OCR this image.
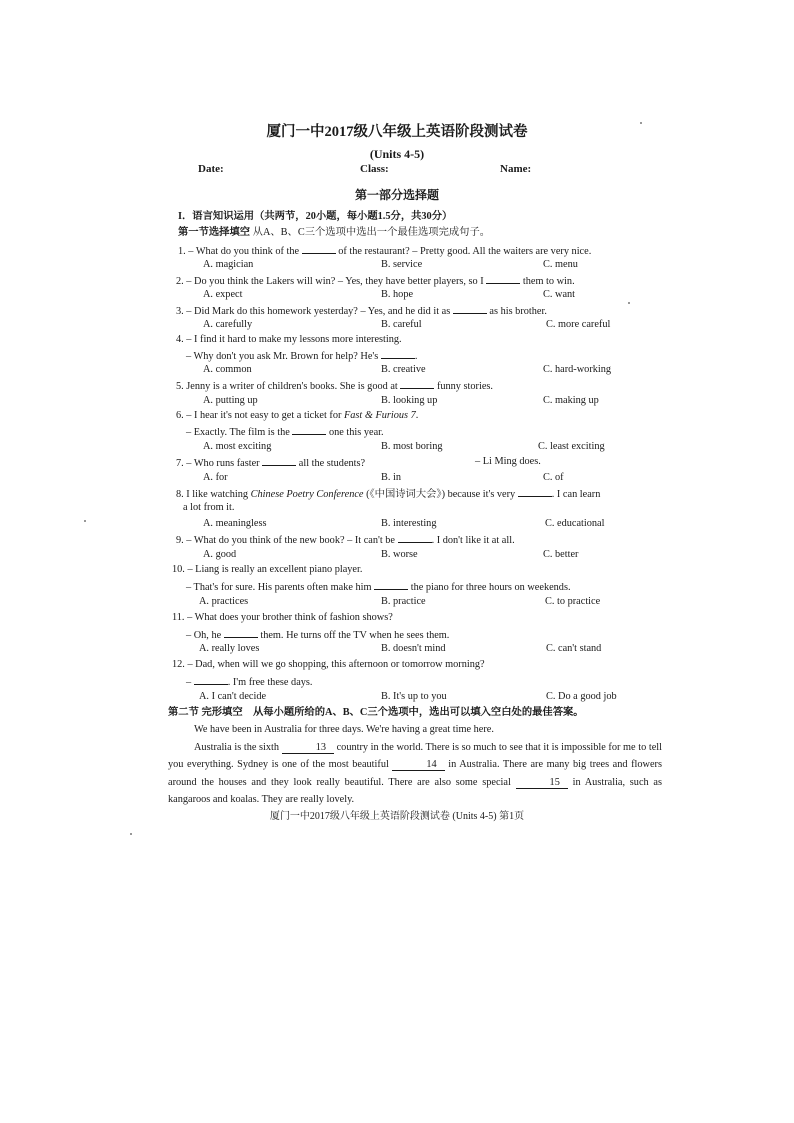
厦门一中2017级八年级上英语阶段测试卷
(Units 4-5)
Date:	Class:	Name:
第一部分选择题
I．语言知识运用（共两节，20小题，每小题1.5分，共30分）
第一节选择填空 从A、B、C三个选项中选出一个最佳选项完成句子。
1. – What do you think of the	of the restaurant? – Pretty good. All the waiters are very nice.
A. magician	B. service	C. menu
2. – Do you think the Lakers will win? – Yes, they have better players, so I	them to win.
A. expect	B. hope	C. want
3. – Did Mark do this homework yesterday? – Yes, and he did it as	as his brother.
A. carefully	B. careful	C. more careful
4. – I find it hard to make my lessons more interesting.
– Why don't you ask Mr. Brown for help? He's	.
A. common	B. creative	C. hard-working
5. Jenny is a writer of children's books. She is good at	funny stories.
A. putting up	B. looking up	C. making up
6. – I hear it's not easy to get a ticket for Fast & Furious 7.
– Exactly. The film is the	one this year.
A. most exciting	B. most boring	C. least exciting
7. – Who runs faster	all the students?	– Li Ming does.
A. for	B. in	C. of
8. I like watching Chinese Poetry Conference (《中国诗词大会》) because it's very	. I can learn
a lot from it.
A. meaningless	B. interesting	C. educational
9. – What do you think of the new book? – It can't be	. I don't like it at all.
A. good	B. worse	C. better
10. – Liang is really an excellent piano player.
– That's for sure. His parents often make him	the piano for three hours on weekends.
A. practices	B. practice	C. to practice
11. – What does your brother think of fashion shows?
– Oh, he	them. He turns off the TV when he sees them.
A. really loves	B. doesn't mind	C. can't stand
12. – Dad, when will we go shopping, this afternoon or tomorrow morning?
–	. I'm free these days.
A. I can't decide	B. It's up to you	C. Do a good job
第二节 完形填空 从每小题所给的A、B、C三个选项中，选出可以填入空白处的最佳答案。

We have been in Australia for three days. We're having a great time here.

Australia is the sixth	13 country in the world. There is so much to see that it is impossible for me to tell you everything. Sydney is one of the most beautiful	14 in Australia. There are many big trees and flowers around the houses and they look really beautiful. There are also some special	15 in Australia, such as kangaroos and koalas. They are really lovely.

厦门一中2017级八年级上英语阶段测试卷 (Units 4-5) 第1页
